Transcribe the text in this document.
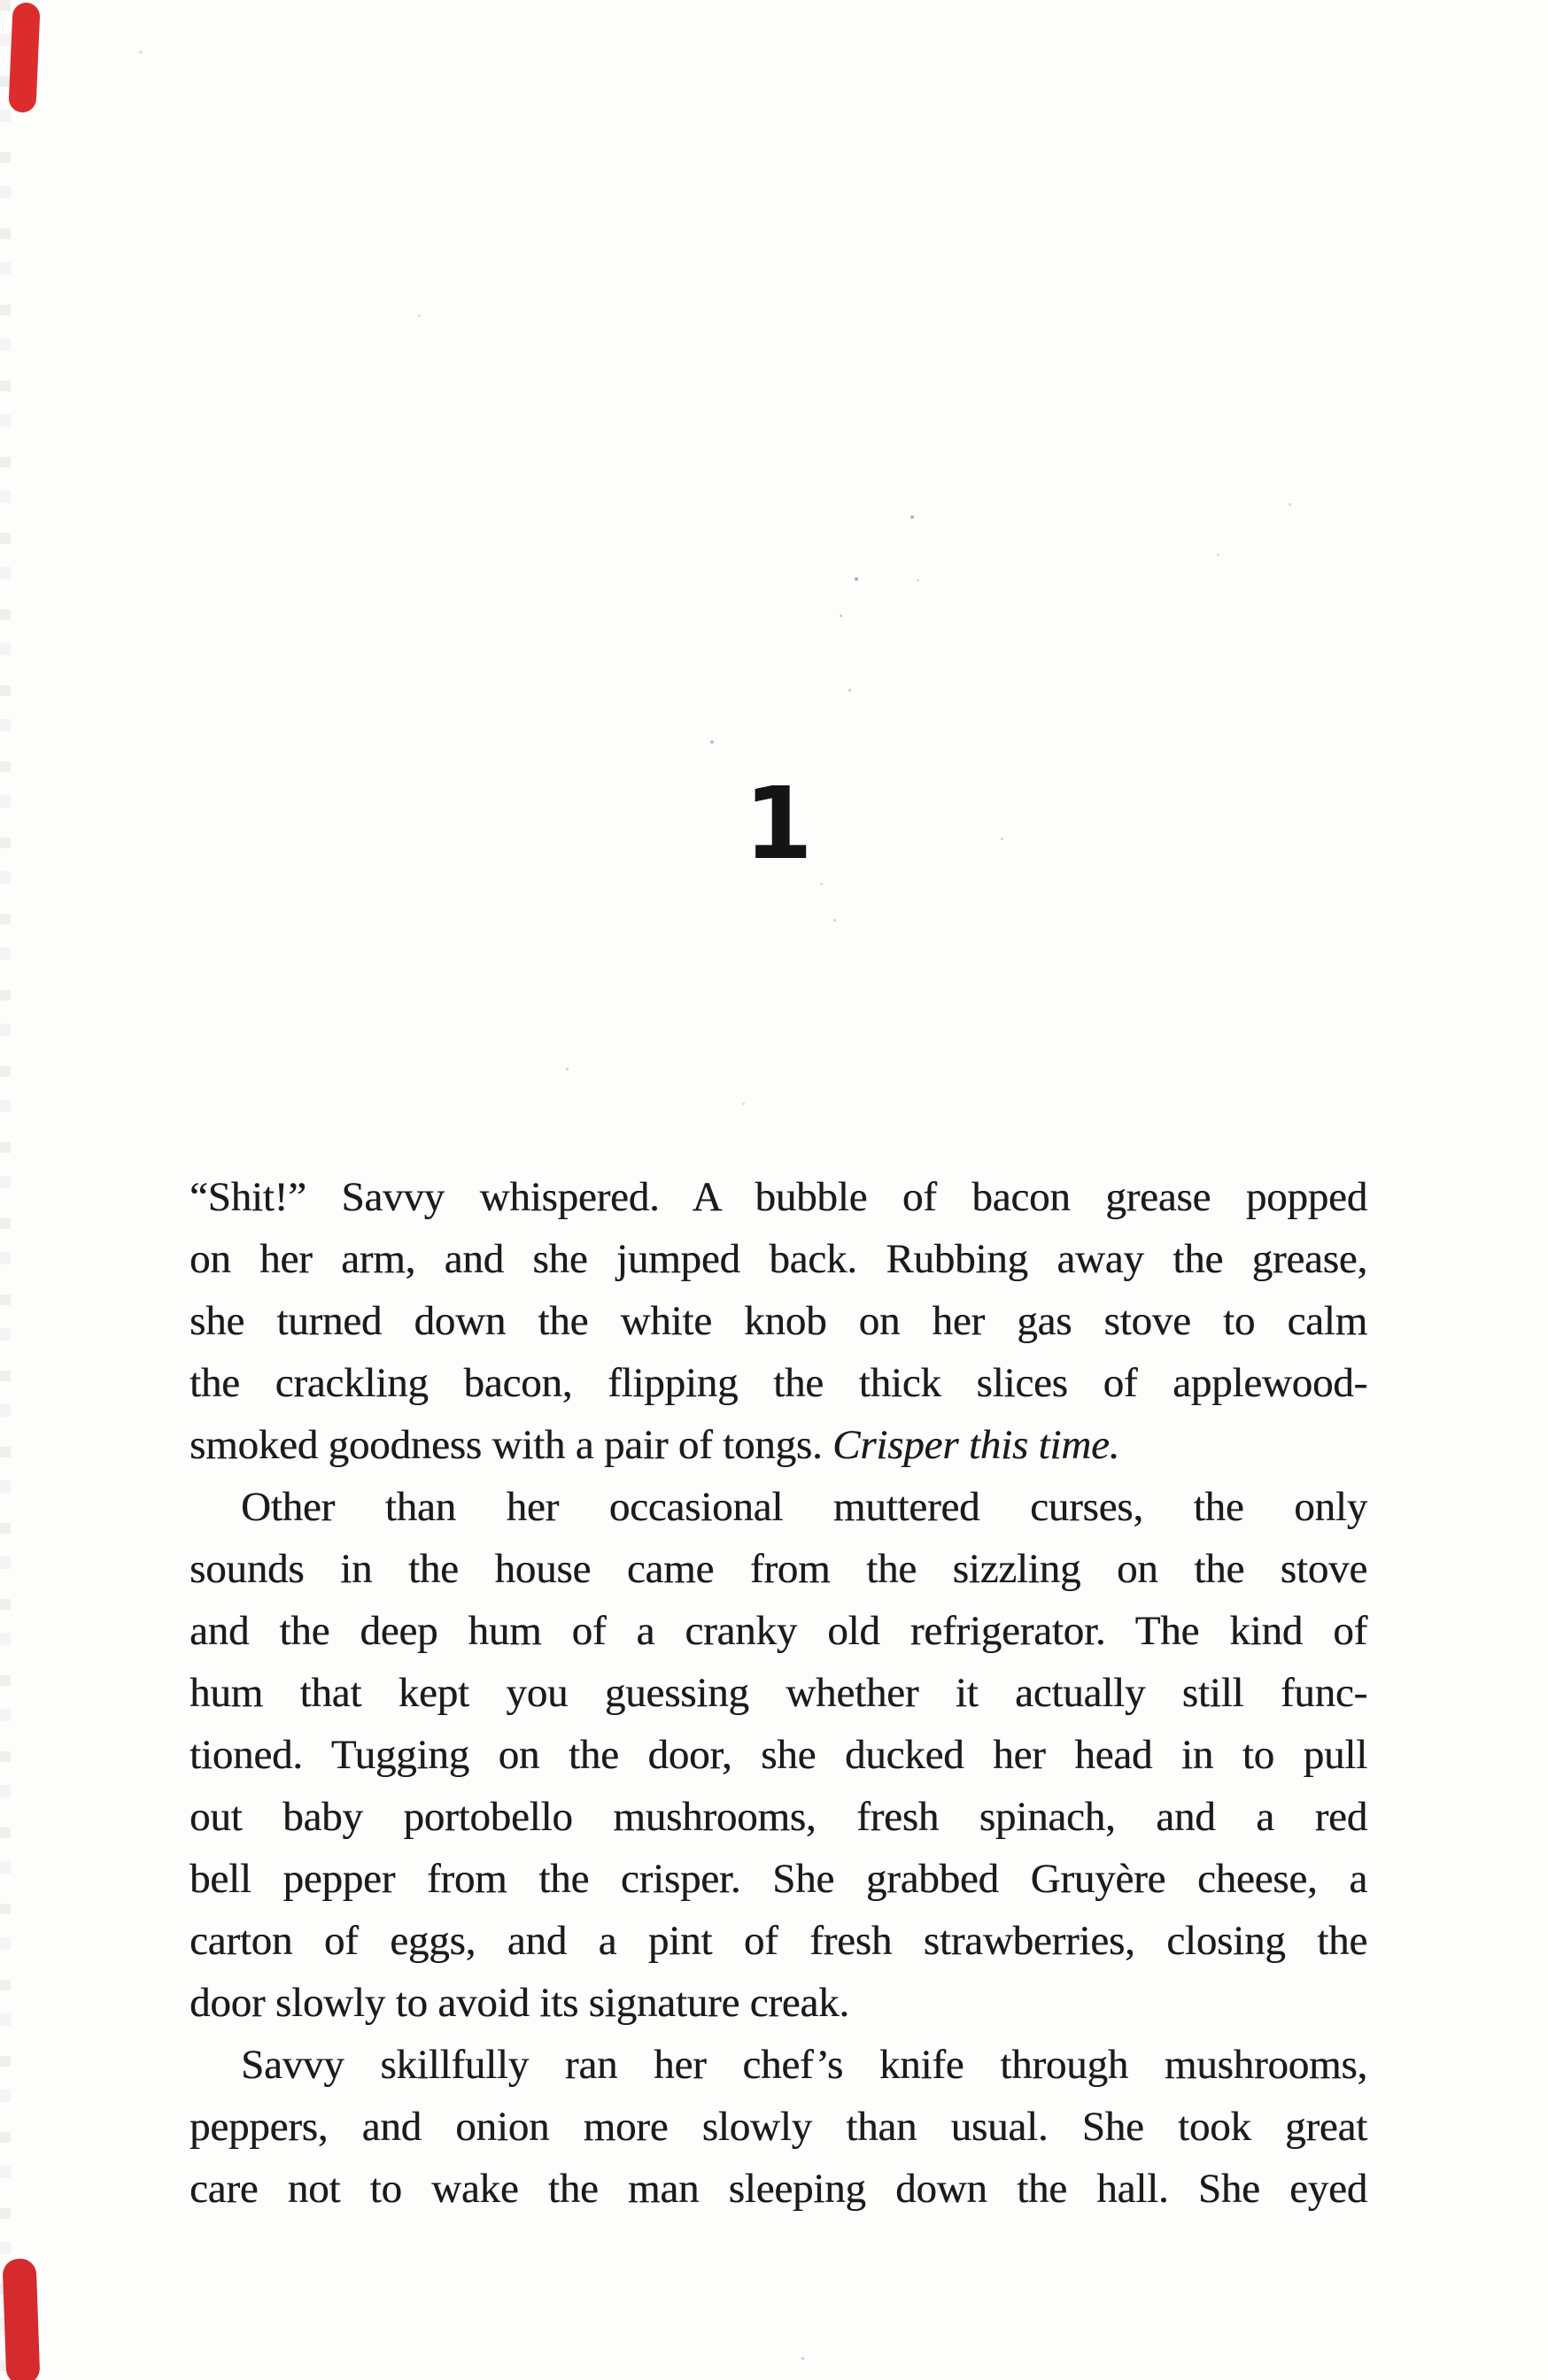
1
“Shit!” Savvy whispered. A bubble of bacon grease popped
on her arm, and she jumped back. Rubbing away the grease,
she turned down the white knob on her gas stove to calm
the crackling bacon, flipping the thick slices of applewood-
smoked goodness with a pair of tongs. Crisper this time.
Other than her occasional muttered curses, the only
sounds in the house came from the sizzling on the stove
and the deep hum of a cranky old refrigerator. The kind of
hum that kept you guessing whether it actually still func-
tioned. Tugging on the door, she ducked her head in to pull
out baby portobello mushrooms, fresh spinach, and a red
bell pepper from the crisper. She grabbed Gruyère cheese, a
carton of eggs, and a pint of fresh strawberries, closing the
door slowly to avoid its signature creak.
Savvy skillfully ran her chef’s knife through mushrooms,
peppers, and onion more slowly than usual. She took great
care not to wake the man sleeping down the hall. She eyed
